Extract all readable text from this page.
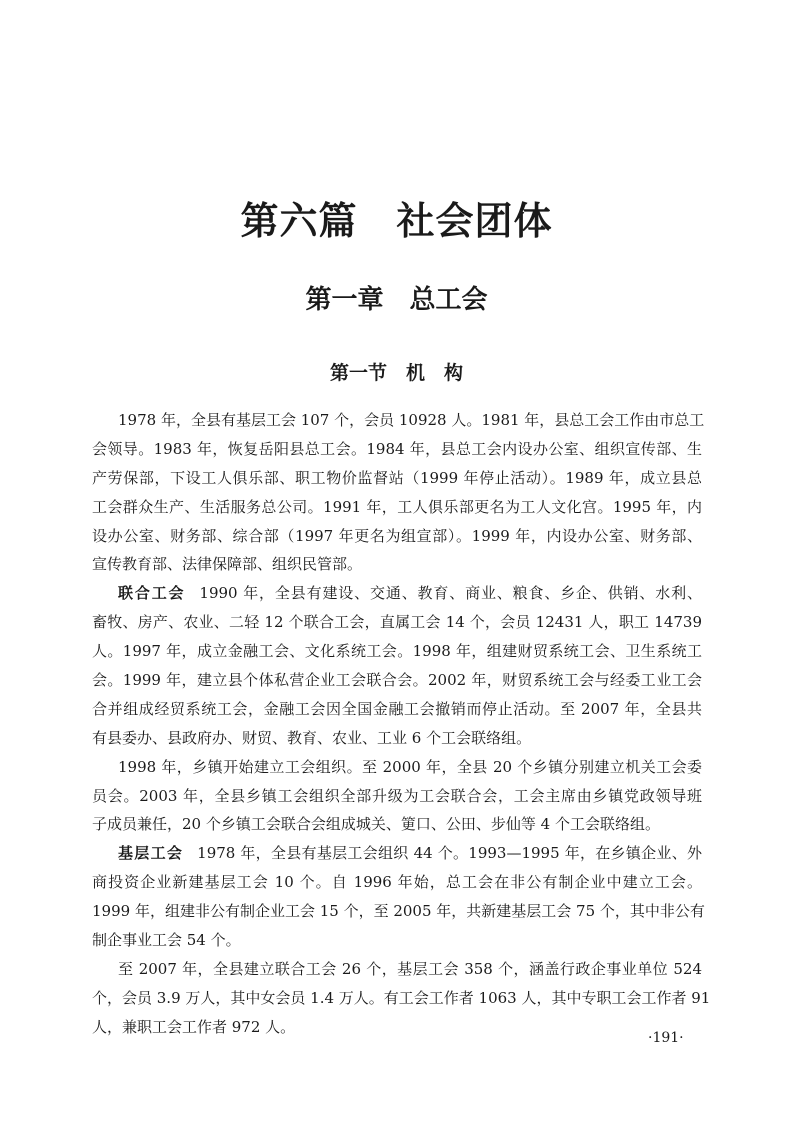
第六篇　社会团体
第一章　总工会
第一节　机　构
1978 年，全县有基层工会 107 个，会员 10928 人。1981 年，县总工会工作由市总工
会领导。1983 年，恢复岳阳县总工会。1984 年，县总工会内设办公室、组织宣传部、生
产劳保部，下设工人俱乐部、职工物价监督站（1999 年停止活动）。1989 年，成立县总
工会群众生产、生活服务总公司。1991 年，工人俱乐部更名为工人文化宫。1995 年，内
设办公室、财务部、综合部（1997 年更名为组宣部）。1999 年，内设办公室、财务部、
宣传教育部、法律保障部、组织民管部。
联合工会 1990 年，全县有建设、交通、教育、商业、粮食、乡企、供销、水利、
畜牧、房产、农业、二轻 12 个联合工会，直属工会 14 个，会员 12431 人，职工 14739
人。1997 年，成立金融工会、文化系统工会。1998 年，组建财贸系统工会、卫生系统工
会。1999 年，建立县个体私营企业工会联合会。2002 年，财贸系统工会与经委工业工会
合并组成经贸系统工会，金融工会因全国金融工会撤销而停止活动。至 2007 年，全县共
有县委办、县政府办、财贸、教育、农业、工业 6 个工会联络组。
1998 年，乡镇开始建立工会组织。至 2000 年，全县 20 个乡镇分别建立机关工会委
员会。2003 年，全县乡镇工会组织全部升级为工会联合会，工会主席由乡镇党政领导班
子成员兼任，20 个乡镇工会联合会组成城关、筻口、公田、步仙等 4 个工会联络组。
基层工会 1978 年，全县有基层工会组织 44 个。1993—1995 年，在乡镇企业、外
商投资企业新建基层工会 10 个。自 1996 年始，总工会在非公有制企业中建立工会。
1999 年，组建非公有制企业工会 15 个，至 2005 年，共新建基层工会 75 个，其中非公有
制企事业工会 54 个。
至 2007 年，全县建立联合工会 26 个，基层工会 358 个，涵盖行政企事业单位 524
个，会员 3.9 万人，其中女会员 1.4 万人。有工会工作者 1063 人，其中专职工会工作者 91
人，兼职工会工作者 972 人。
·191·
